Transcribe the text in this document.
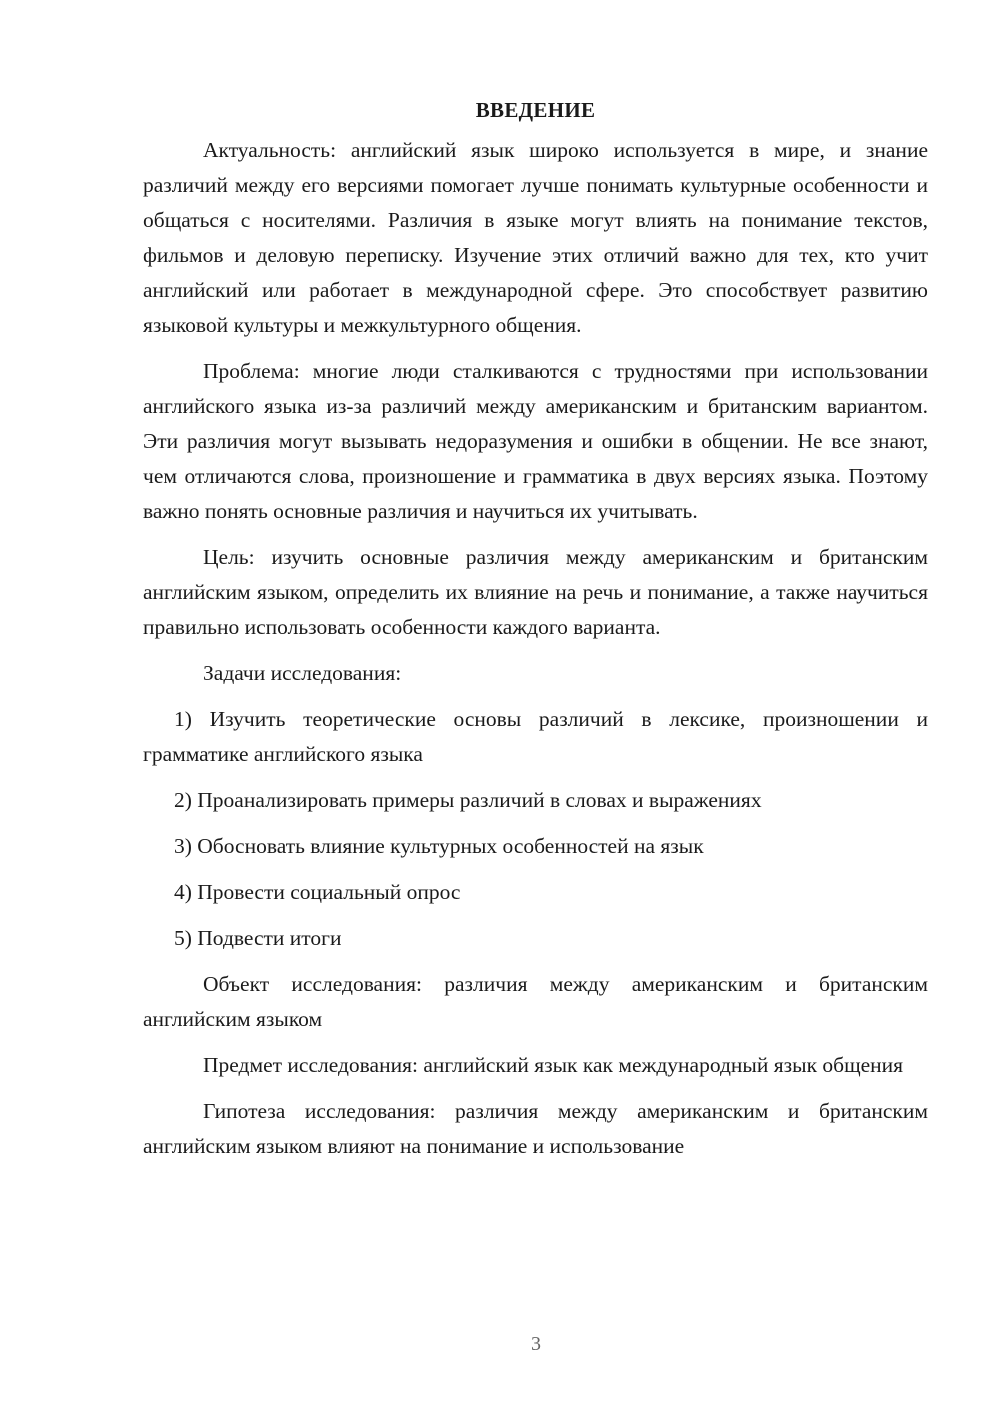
ВВЕДЕНИЕ

Актуальность: английский язык широко используется в мире, и знание различий между его версиями помогает лучше понимать культурные особенности и общаться с носителями. Различия в языке могут влиять на понимание текстов, фильмов и деловую переписку. Изучение этих отличий важно для тех, кто учит английский или работает в международной сфере. Это способствует развитию языковой культуры и межкультурного общения.

Проблема: многие люди сталкиваются с трудностями при использовании английского языка из-за различий между американским и британским вариантом. Эти различия могут вызывать недоразумения и ошибки в общении. Не все знают, чем отличаются слова, произношение и грамматика в двух версиях языка. Поэтому важно понять основные различия и научиться их учитывать.

Цель: изучить основные различия между американским и британским английским языком, определить их влияние на речь и понимание, а также научиться правильно использовать особенности каждого варианта.

Задачи исследования:

1) Изучить теоретические основы различий в лексике, произношении и грамматике английского языка

2) Проанализировать примеры различий в словах и выражениях

3) Обосновать влияние культурных особенностей на язык

4) Провести социальный опрос

5) Подвести итоги

Объект исследования: различия между американским и британским английским языком

Предмет исследования: английский язык как международный язык общения

Гипотеза исследования: различия между американским и британским английским языком влияют на понимание и использование

3
